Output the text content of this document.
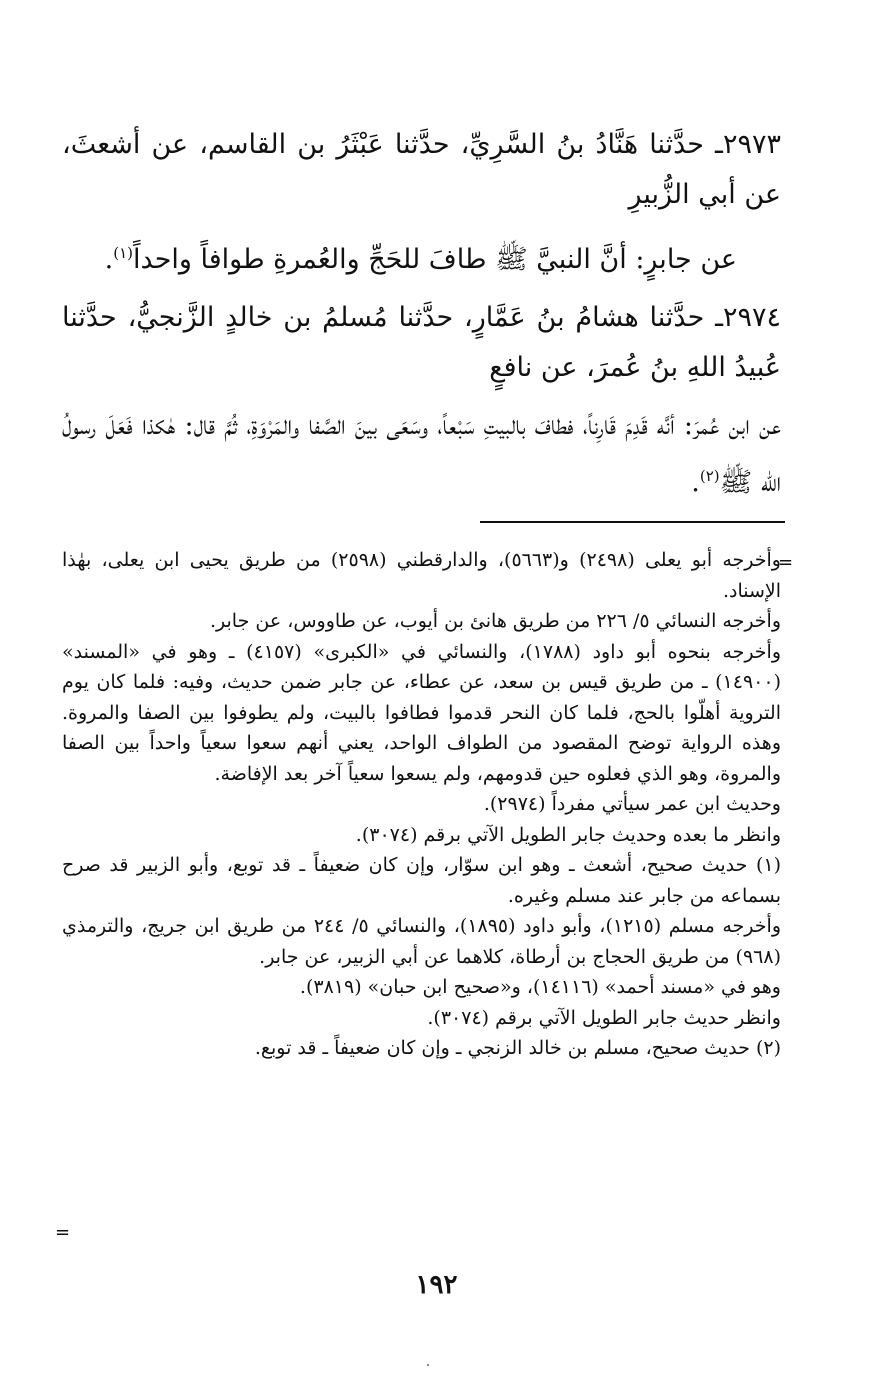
٢٩٧٣ـ حدَّثنا هَنَّادُ بنُ السَّرِيِّ، حدَّثنا عَبْثَرُ بن القاسم، عن أشعثَ، عن أبي الزُّبيرِ

عن جابرٍ: أنَّ النبيَّ ﷺ طافَ للحَجِّ والعُمرةِ طوافاً واحداً$^{(١)}$.

٢٩٧٤ـ حدَّثنا هشامُ بنُ عَمَّارٍ، حدَّثنا مُسلمُ بن خالدٍ الزَّنجيُّ، حدَّثنا عُبيدُ اللهِ بنُ عُمرَ، عن نافعٍ

عن ابن عُمرَ: أنَّه قَدِمَ قَارِناً، فطافَ بالبيتِ سَبْعاً، وسَعَى بينَ الصَّفا والمَرْوَةِ، ثُمَّ قال: هٰكذا فَعَلَ رسولُ الله ﷺ$^{(٢)}$.

=

وأخرجه أبو يعلى (٢٤٩٨) و(٥٦٦٣)، والدارقطني (٢٥٩٨) من طريق يحيى ابن يعلى، بهٰذا الإسناد.

وأخرجه النسائي ٥/ ٢٢٦ من طريق هانئ بن أيوب، عن طاووس، عن جابر.

وأخرجه بنحوه أبو داود (١٧٨٨)، والنسائي في «الكبرى» (٤١٥٧) ـ وهو في «المسند» (١٤٩٠٠) ـ من طريق قيس بن سعد، عن عطاء، عن جابر ضمن حديث، وفيه: فلما كان يوم التروية أهلّوا بالحج، فلما كان النحر قدموا فطافوا بالبيت، ولم يطوفوا بين الصفا والمروة. وهذه الرواية توضح المقصود من الطواف الواحد، يعني أنهم سعوا سعياً واحداً بين الصفا والمروة، وهو الذي فعلوه حين قدومهم، ولم يسعوا سعياً آخر بعد الإفاضة.

وحديث ابن عمر سيأتي مفرداً (٢٩٧٤).

وانظر ما بعده وحديث جابر الطويل الآتي برقم (٣٠٧٤).

(١) حديث صحيح، أشعث ـ وهو ابن سوّار، وإن كان ضعيفاً ـ قد توبع، وأبو الزبير قد صرح بسماعه من جابر عند مسلم وغيره.

وأخرجه مسلم (١٢١٥)، وأبو داود (١٨٩٥)، والنسائي ٥/ ٢٤٤ من طريق ابن جريج، والترمذي (٩٦٨) من طريق الحجاج بن أرطاة، كلاهما عن أبي الزبير، عن جابر.

وهو في «مسند أحمد» (١٤١١٦)، و«صحيح ابن حبان» (٣٨١٩).

وانظر حديث جابر الطويل الآتي برقم (٣٠٧٤).

(٢) حديث صحيح، مسلم بن خالد الزنجي ـ وإن كان ضعيفاً ـ قد توبع.

=
١٩٢
